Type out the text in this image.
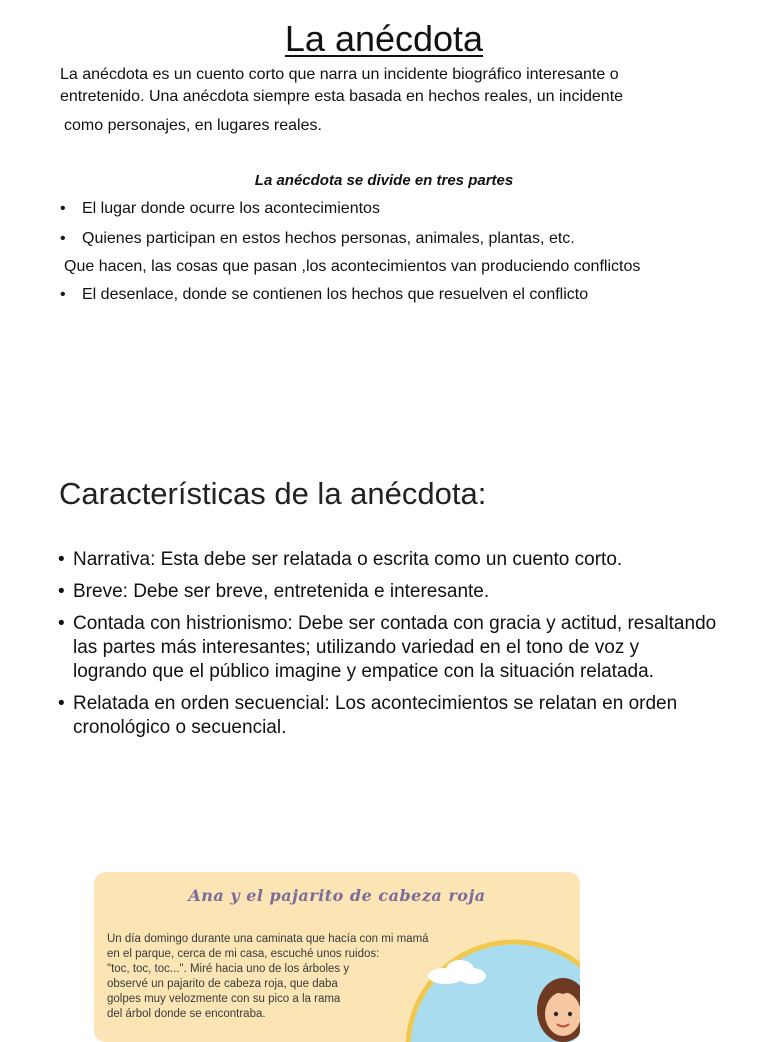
La anécdota

La anécdota es un cuento corto que narra un incidente biográfico interesante o

entretenido. Una anécdota siempre esta basada en hechos reales, un incidente

como personajes, en lugares reales.

La anécdota se divide en tres partes
• El lugar donde ocurre los acontecimientos
• Quienes participan en estos hechos personas, animales, plantas, etc.
Que hacen, las cosas que pasan ,los acontecimientos van produciendo conflictos
• El desenlace, donde se contienen los hechos que resuelven el conflicto
Características de la anécdota:
• Narrativa: Esta debe ser relatada o escrita como un cuento corto.
• Breve: Debe ser breve, entretenida e interesante.
• Contada con histrionismo: Debe ser contada con gracia y actitud, resaltando las partes más interesantes; utilizando variedad en el tono de voz y logrando que el público imagine y empatice con la situación relatada.
• Relatada en orden secuencial: Los acontecimientos se relatan en orden cronológico o secuencial.
Ana y el pajarito de cabeza roja
Un día domingo durante una caminata que hacía con mi mamá
en el parque, cerca de mi casa, escuché unos ruidos:
"toc, toc, toc...". Miré hacia uno de los árboles y
observé un pajarito de cabeza roja, que daba
golpes muy velozmente con su pico a la rama
del árbol donde se encontraba.
